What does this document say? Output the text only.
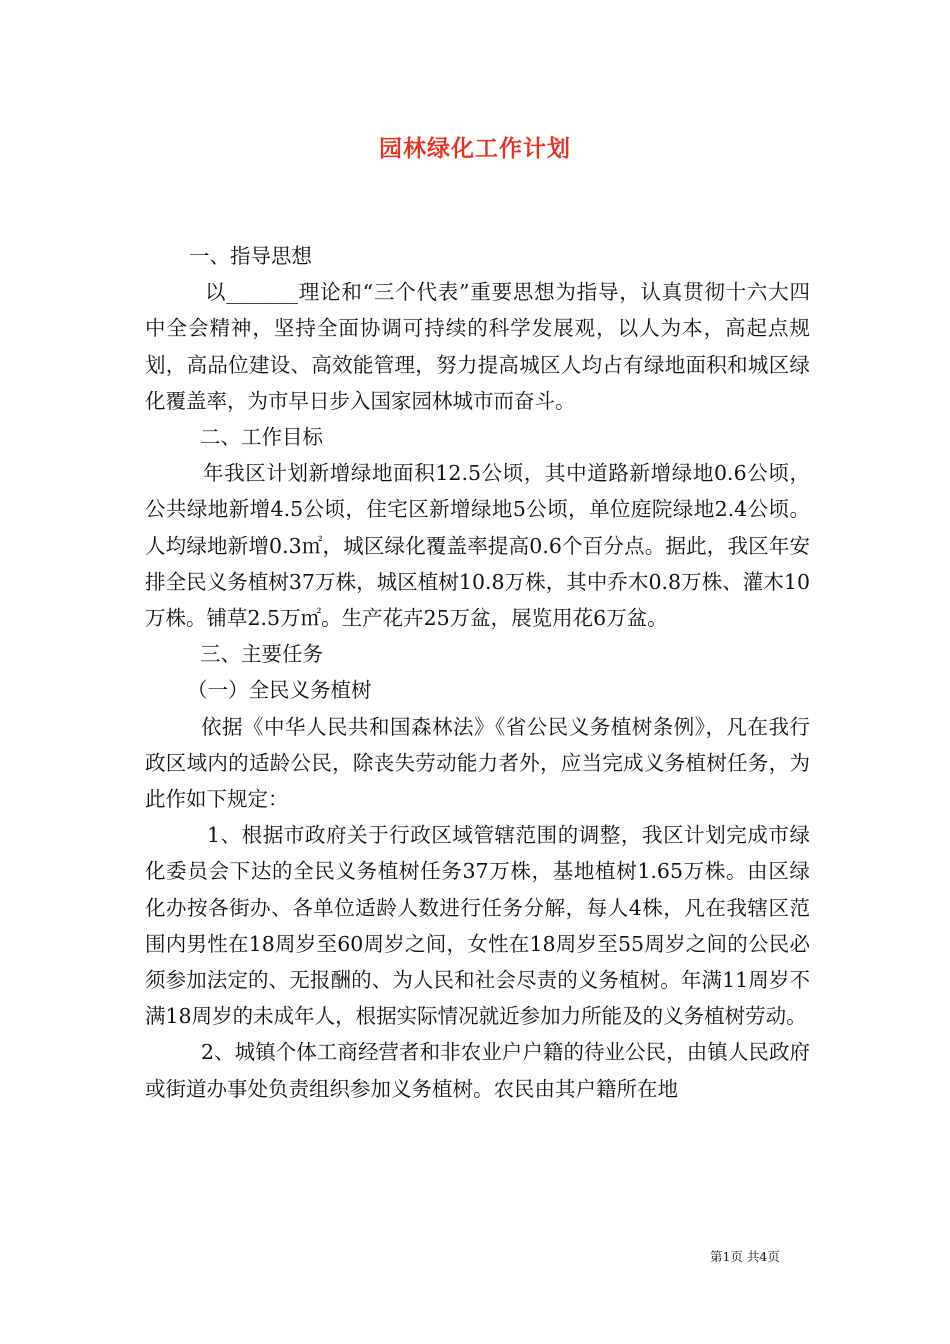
园林绿化工作计划

一、指导思想

以_______理论和“三个代表”重要思想为指导，认真贯彻十六大四中全会精神，坚持全面协调可持续的科学发展观，以人为本，高起点规划，高品位建设、高效能管理，努力提高城区人均占有绿地面积和城区绿化覆盖率，为市早日步入国家园林城市而奋斗。

二、工作目标

年我区计划新增绿地面积12.5公顷，其中道路新增绿地0.6公顷，公共绿地新增4.5公顷，住宅区新增绿地5公顷，单位庭院绿地2.4公顷。人均绿地新增0.3㎡，城区绿化覆盖率提高0.6个百分点。据此，我区年安排全民义务植树37万株，城区植树10.8万株，其中乔木0.8万株、灌木10万株。铺草2.5万㎡。生产花卉25万盆，展览用花6万盆。

三、主要任务

（一）全民义务植树

依据《中华人民共和国森林法》《省公民义务植树条例》，凡在我行政区域内的适龄公民，除丧失劳动能力者外，应当完成义务植树任务，为此作如下规定：

1、根据市政府关于行政区域管辖范围的调整，我区计划完成市绿化委员会下达的全民义务植树任务37万株，基地植树1.65万株。由区绿化办按各街办、各单位适龄人数进行任务分解，每人4株，凡在我辖区范围内男性在18周岁至60周岁之间，女性在18周岁至55周岁之间的公民必须参加法定的、无报酬的、为人民和社会尽责的义务植树。年满11周岁不满18周岁的未成年人，根据实际情况就近参加力所能及的义务植树劳动。

2、城镇个体工商经营者和非农业户户籍的待业公民，由镇人民政府或街道办事处负责组织参加义务植树。农民由其户籍所在地

第1页 共4页
